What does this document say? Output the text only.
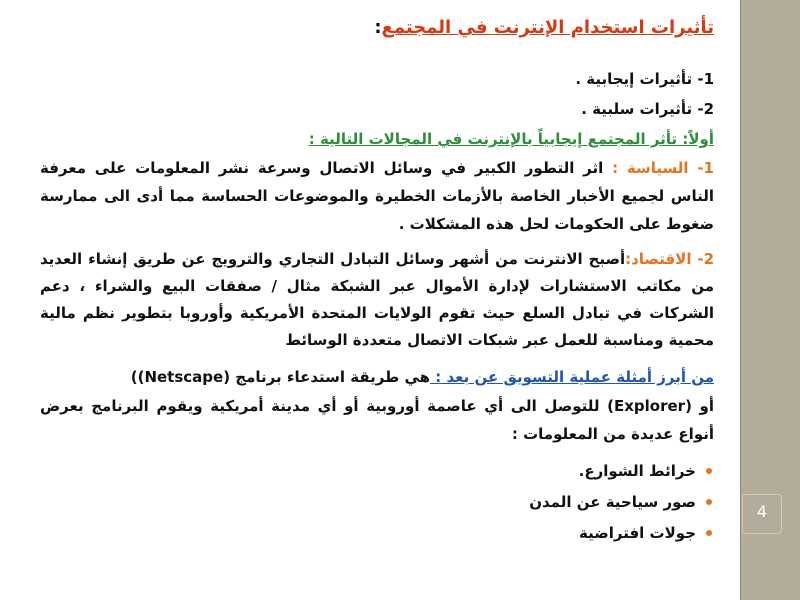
4
تأثيرات استخدام الإنترنت في المجتمع:

1- تأثيرات إيجابية .

2- تأثيرات سلبية .

أولاً: تأثر المجتمع إيجابياً بالإنترنت في المجالات التالية :

1- السياسة : اثر التطور الكبير في وسائل الاتصال وسرعة نشر المعلومات على معرفة الناس لجميع الأخبار الخاصة بالأزمات الخطيرة والموضوعات الحساسة مما أدى الى ممارسة ضغوط على الحكومات لحل هذه المشكلات .

2- الاقتصاد:أصبح الانترنت من أشهر وسائل التبادل التجاري والترويج عن طريق إنشاء العديد من مكاتب الاستشارات لإدارة الأموال عبر الشبكة مثال / صفقات البيع والشراء ، دعم الشركات في تبادل السلع حيث تقوم الولايات المتحدة الأمريكية وأوروبا بتطوير نظم مالية محمية ومناسبة للعمل عبر شبكات الاتصال متعددة الوسائط

من أبرز أمثلة عملية التسويق عن بعد : هي طريقة استدعاء برنامج (Netscape))

أو (Explorer) للتوصل الى أي عاصمة أوروبية أو أي مدينة أمريكية ويقوم البرنامج بعرض أنواع عديدة من المعلومات :

خرائط الشوارع.
صور سياحية عن المدن
جولات افتراضية
